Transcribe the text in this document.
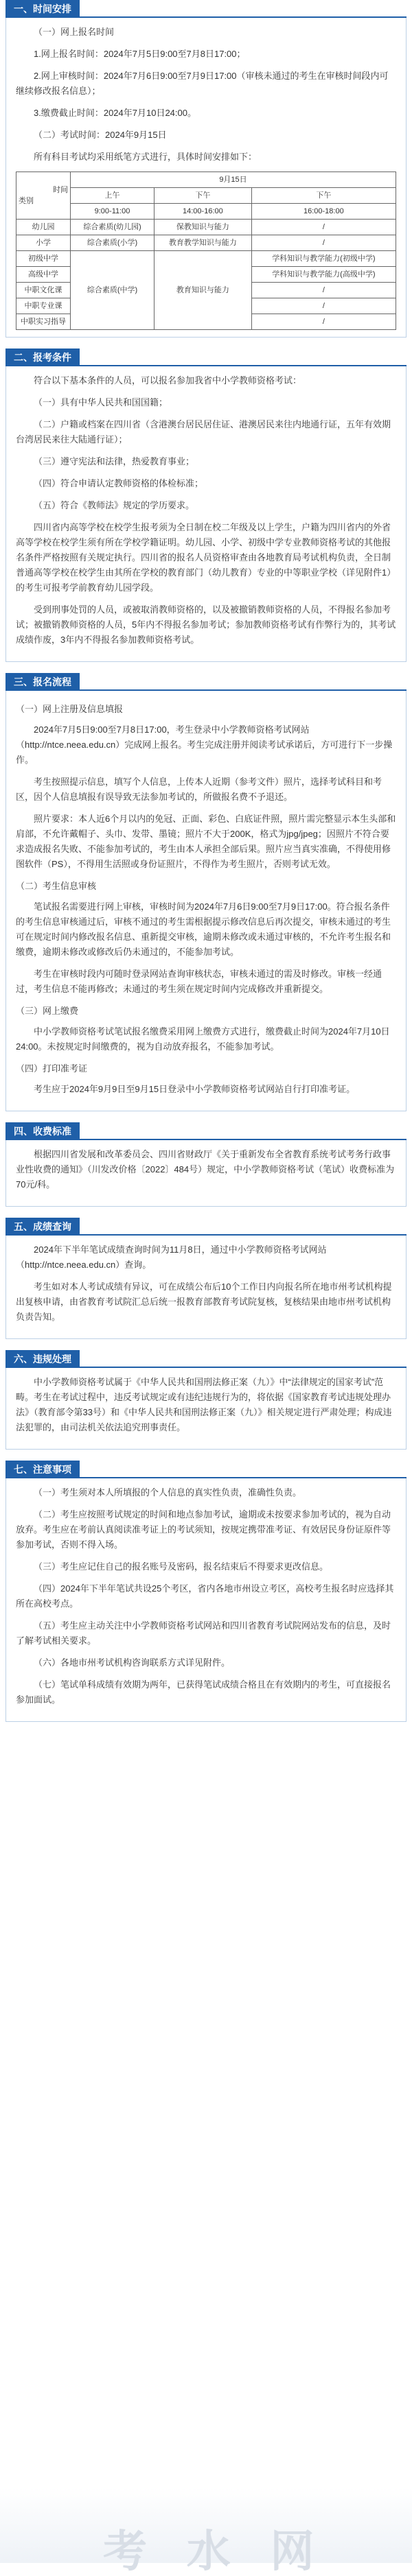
一、时间安排

（一）网上报名时间

1.网上报名时间：2024年7月5日9:00至7月8日17:00；

2.网上审核时间：2024年7月6日9:00至7月9日17:00（审核未通过的考生在审核时间段内可继续修改报名信息）；

3.缴费截止时间：2024年7月10日24:00。

（二）考试时间：2024年9月15日

所有科目考试均采用纸笔方式进行，具体时间安排如下：

时间
类别	9月15日		
	上午	下午	下午
	9:00-11:00	14:00-16:00	16:00-18:00
幼儿园	综合素质(幼儿园)	保教知识与能力	/
小学	综合素质(小学)	教育教学知识与能力	/
初级中学	综合素质(中学)	教育知识与能力	学科知识与教学能力(初级中学)
高级中学			学科知识与教学能力(高级中学)
中职文化课			/
中职专业课			/
中职实习指导			/
二、报考条件

符合以下基本条件的人员，可以报名参加我省中小学教师资格考试：

（一）具有中华人民共和国国籍；

（二）户籍或档案在四川省（含港澳台居民居住证、港澳居民来往内地通行证，五年有效期台湾居民来往大陆通行证）；

（三）遵守宪法和法律，热爱教育事业；

（四）符合申请认定教师资格的体检标准；

（五）符合《教师法》规定的学历要求。

四川省内高等学校在校学生报考须为全日制在校二年级及以上学生，户籍为四川省内的外省高等学校在校学生须有所在学校学籍证明。幼儿园、小学、初级中学专业教师资格考试的其他报名条件严格按照有关规定执行。四川省的报名人员资格审查由各地教育局考试机构负责，全日制普通高等学校在校学生由其所在学校的教育部门（幼儿教育）专业的中等职业学校（详见附件1）的考生可报考学前教育幼儿园学段。

受到刑事处罚的人员，或被取消教师资格的，以及被撤销教师资格的人员，不得报名参加考试；被撤销教师资格的人员，5年内不得报名参加考试；参加教师资格考试有作弊行为的，其考试成绩作废，3年内不得报名参加教师资格考试。

三、报名流程

（一）网上注册及信息填报

2024年7月5日9:00至7月8日17:00，考生登录中小学教师资格考试网站（http://ntce.neea.edu.cn）完成网上报名。考生完成注册并阅读考试承诺后，方可进行下一步操作。

考生按照提示信息，填写个人信息，上传本人近期（参考文件）照片，选择考试科目和考区，因个人信息填报有误导致无法参加考试的，所做报名费不予退还。

照片要求：本人近6个月以内的免冠、正面、彩色、白底证件照，照片需完整显示本生头部和肩部，不允许戴帽子、头巾、发带、墨镜；照片不大于200K，格式为jpg/jpeg；因照片不符合要求造成报名失败、不能参加考试的，考生由本人承担全部后果。照片应当真实准确，不得使用修图软件（PS），不得用生活照或身份证照片，不得作为考生照片，否则考试无效。

（二）考生信息审核

笔试报名需要进行网上审核，审核时间为2024年7月6日9:00至7月9日17:00。符合报名条件的考生信息审核通过后，审核不通过的考生需根据提示修改信息后再次提交，审核未通过的考生可在规定时间内修改报名信息、重新提交审核，逾期未修改或未通过审核的，不允许考生报名和缴费，逾期未修改或修改后仍未通过的，不能参加考试。

考生在审核时段内可随时登录网站查询审核状态，审核未通过的需及时修改。审核一经通过，考生信息不能再修改；未通过的考生须在规定时间内完成修改并重新提交。

（三）网上缴费

中小学教师资格考试笔试报名缴费采用网上缴费方式进行，缴费截止时间为2024年7月10日24:00。未按规定时间缴费的，视为自动放弃报名，不能参加考试。

（四）打印准考证

考生应于2024年9月9日至9月15日登录中小学教师资格考试网站自行打印准考证。

四、收费标准

根据四川省发展和改革委员会、四川省财政厅《关于重新发布全省教育系统考试考务行政事业性收费的通知》（川发改价格〔2022〕484号）规定，中小学教师资格考试（笔试）收费标准为70元/科。

五、成绩查询

2024年下半年笔试成绩查询时间为11月8日，通过中小学教师资格考试网站（http://ntce.neea.edu.cn）查询。

考生如对本人考试成绩有异议，可在成绩公布后10个工作日内向报名所在地市州考试机构提出复核申请，由省教育考试院汇总后统一报教育部教育考试院复核，复核结果由地市州考试机构负责告知。

六、违规处理

中小学教师资格考试属于《中华人民共和国刑法修正案（九）》中“法律规定的国家考试”范畴。考生在考试过程中，违反考试规定或有违纪违规行为的，将依据《国家教育考试违规处理办法》（教育部令第33号）和《中华人民共和国刑法修正案（九）》相关规定进行严肃处理；构成违法犯罪的，由司法机关依法追究刑事责任。

七、注意事项

（一）考生须对本人所填报的个人信息的真实性负责，准确性负责。

（二）考生应按照考试规定的时间和地点参加考试，逾期或未按要求参加考试的，视为自动放弃。考生应在考前认真阅读准考证上的考试须知，按规定携带准考证、有效居民身份证原件等参加考试，否则不得入场。

（三）考生应记住自己的报名账号及密码，报名结束后不得要求更改信息。

（四）2024年下半年笔试共设25个考区，省内各地市州设立考区，高校考生报名时应选择其所在高校考点。

（五）考生应主动关注中小学教师资格考试网站和四川省教育考试院网站发布的信息，及时了解考试相关要求。

（六）各地市州考试机构咨询联系方式详见附件。

（七）笔试单科成绩有效期为两年，已获得笔试成绩合格且在有效期内的考生，可直接报名参加面试。

考 水 网
